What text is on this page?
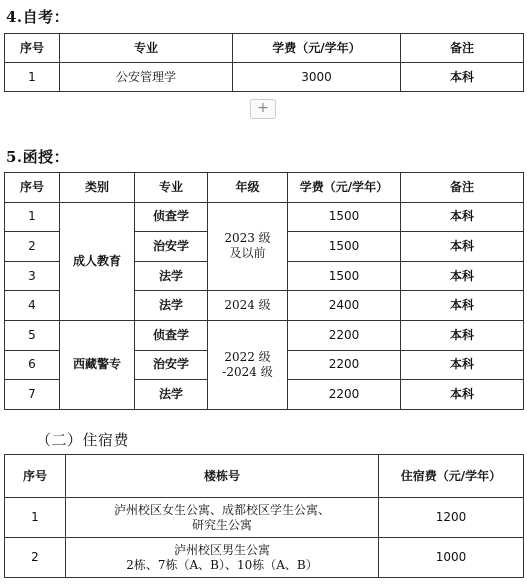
4.自考：
序号	专业	学费（元/学年）	备注
1	公安管理学	3000	本科
+
5.函授：
序号	类别	专业	年级	学费（元/学年）	备注
1	成人教育	侦查学	2023 级
及以前	1500	本科
2		治安学		1500	本科
3		法学		1500	本科
4		法学	2024 级	2400	本科
5	西藏警专	侦查学	2022 级
-2024 级	2200	本科
6		治安学		2200	本科
7		法学		2200	本科
（二）住宿费
序号	楼栋号	住宿费（元/学年）
1	泸州校区女生公寓、成都校区学生公寓、
研究生公寓	1200
2	泸州校区男生公寓
2栋、7栋（A、B）、10栋（A、B）	1000
